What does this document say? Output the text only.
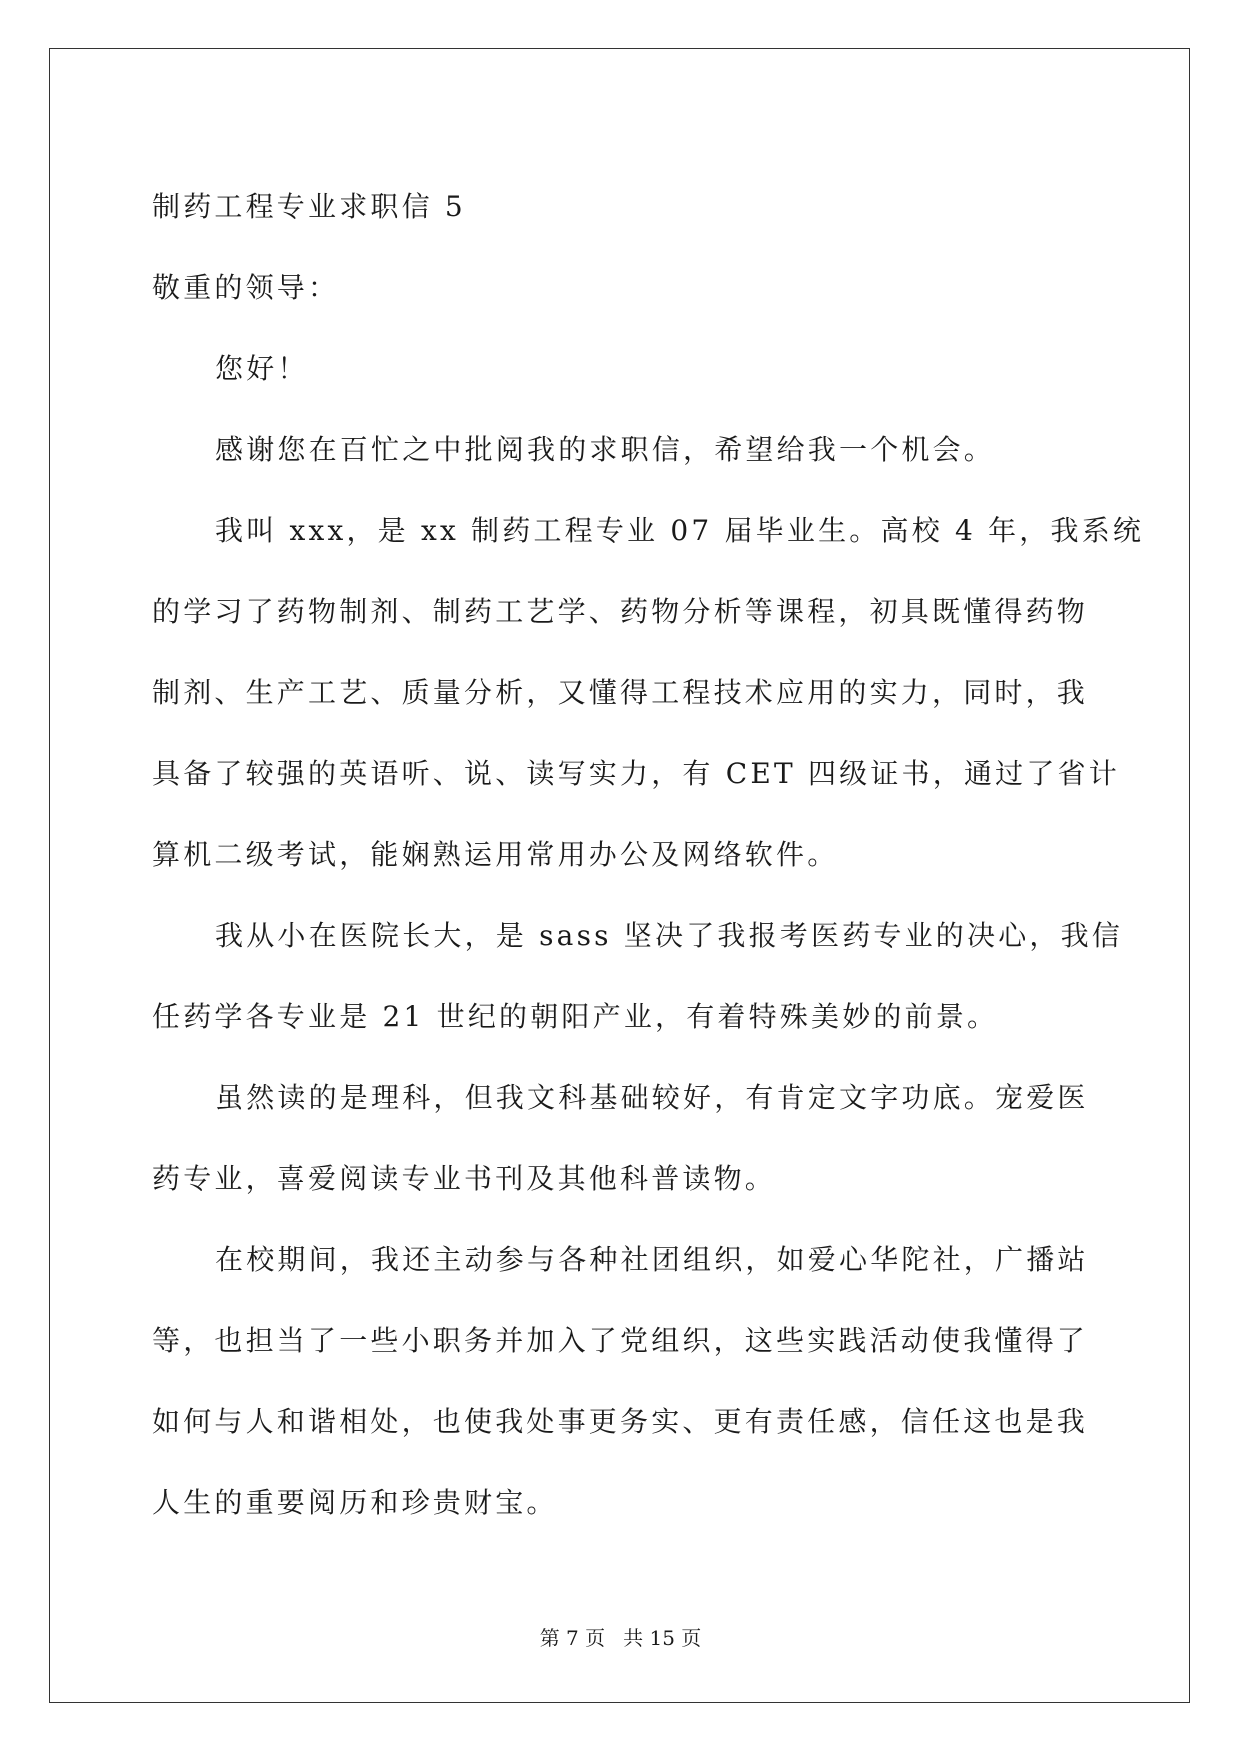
制药工程专业求职信 5
敬重的领导：
您好！
感谢您在百忙之中批阅我的求职信，希望给我一个机会。
我叫 xxx，是 xx 制药工程专业 07 届毕业生。高校 4 年，我系统
的学习了药物制剂、制药工艺学、药物分析等课程，初具既懂得药物
制剂、生产工艺、质量分析，又懂得工程技术应用的实力，同时，我
具备了较强的英语听、说、读写实力，有 CET 四级证书，通过了省计
算机二级考试，能娴熟运用常用办公及网络软件。
我从小在医院长大，是 sass 坚决了我报考医药专业的决心，我信
任药学各专业是 21 世纪的朝阳产业，有着特殊美妙的前景。
虽然读的是理科，但我文科基础较好，有肯定文字功底。宠爱医
药专业，喜爱阅读专业书刊及其他科普读物。
在校期间，我还主动参与各种社团组织，如爱心华陀社，广播站
等，也担当了一些小职务并加入了党组织，这些实践活动使我懂得了
如何与人和谐相处，也使我处事更务实、更有责任感，信任这也是我
人生的重要阅历和珍贵财宝。
第 7 页 共 15 页
